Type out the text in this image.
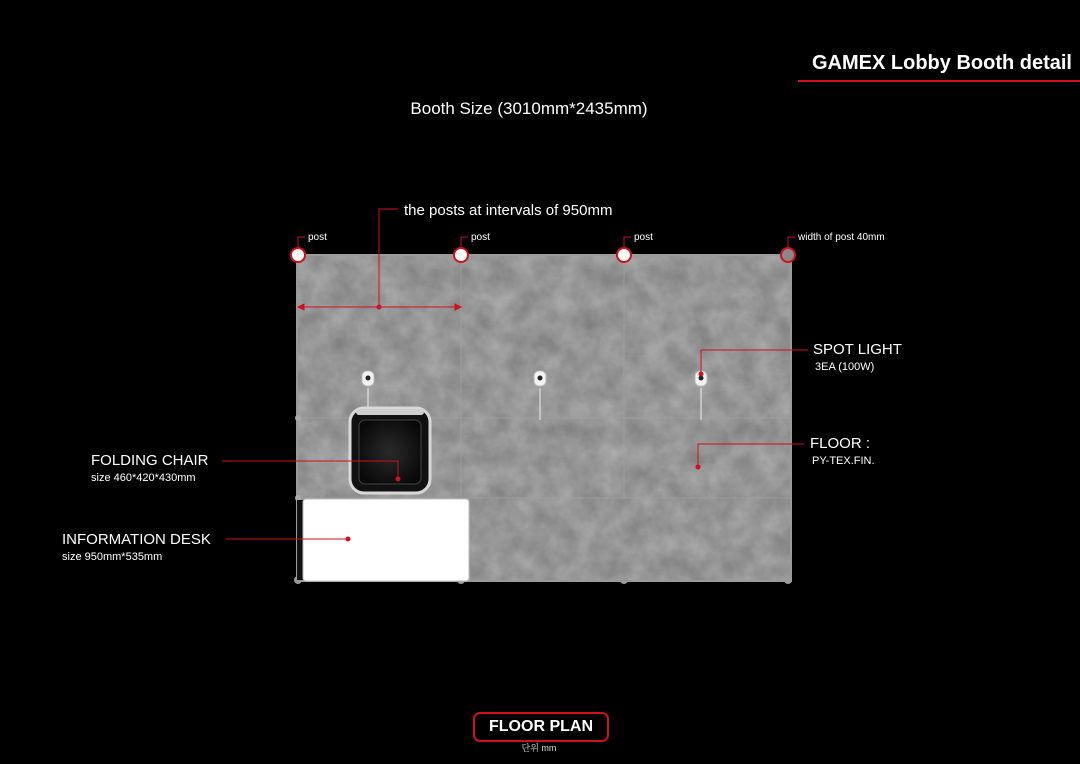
GAMEX Lobby Booth detail
Booth Size (3010mm*2435mm)
the posts at intervals of 950mm
post	post	post	width of post 40mm
SPOT LIGHT
3EA (100W)
FLOOR :
PY-TEX.FIN.
FOLDING CHAIR
size 460*420*430mm
INFORMATION DESK
size 950mm*535mm
FLOOR PLAN
단위 mm
